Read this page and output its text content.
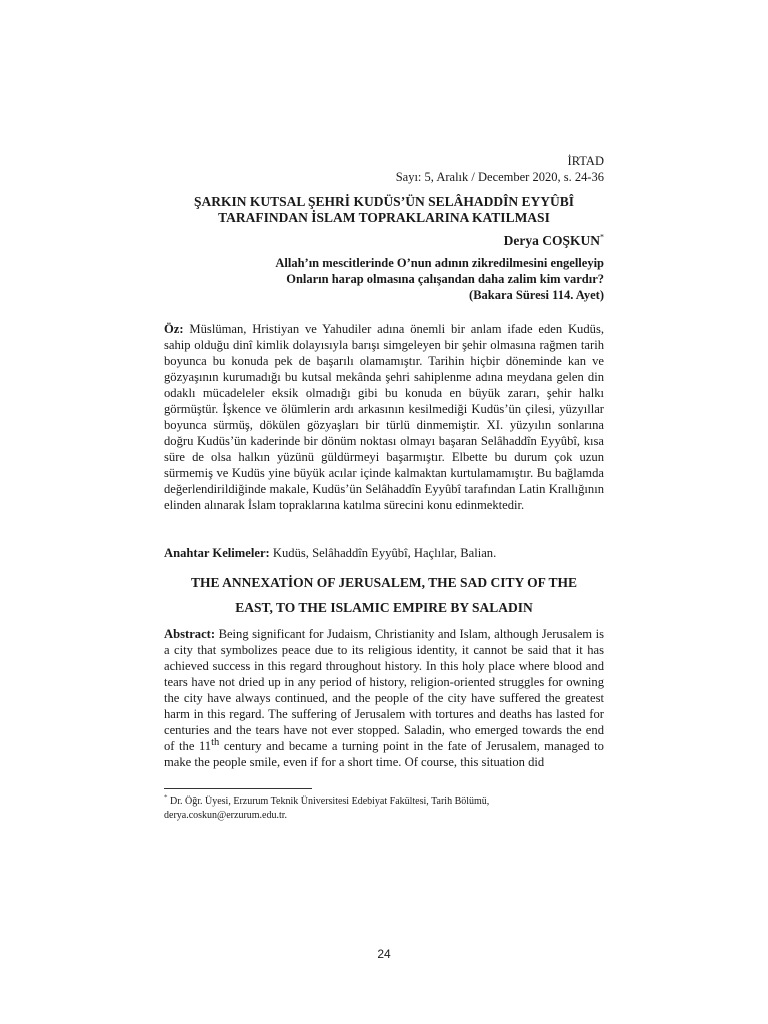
İRTAD
Sayı: 5, Aralık / December 2020, s. 24-36
ŞARKIN KUTSAL ŞEHRİ KUDÜS’ÜN SELÂHADDÎN EYYÛBÎ
TARAFINDAN İSLAM TOPRAKLARINA KATILMASI
Derya COŞKUN*
Allah’ın mescitlerinde O’nun adının zikredilmesini engelleyip
Onların harap olmasına çalışandan daha zalim kim vardır?
(Bakara Süresi 114. Ayet)
Öz: Müslüman, Hristiyan ve Yahudiler adına önemli bir anlam ifade eden Kudüs, sahip olduğu dinî kimlik dolayısıyla barışı simgeleyen bir şehir olmasına rağmen tarih boyunca bu konuda pek de başarılı olamamıştır. Tarihin hiçbir döneminde kan ve gözyaşının kurumadığı bu kutsal mekânda şehri sahiplenme adına meydana gelen din odaklı mücadeleler eksik olmadığı gibi bu konuda en büyük zararı, şehir halkı görmüştür. İşkence ve ölümlerin ardı arkasının kesilmediği Kudüs’ün çilesi, yüzyıllar boyunca sürmüş, dökülen gözyaşları bir türlü dinmemiştir. XI. yüzyılın sonlarına doğru Kudüs’ün kaderinde bir dönüm noktası olmayı başaran Selâhaddîn Eyyûbî, kısa süre de olsa halkın yüzünü güldürmeyi başarmıştır. Elbette bu durum çok uzun sürmemiş ve Kudüs yine büyük acılar içinde kalmaktan kurtulamamıştır. Bu bağlamda değerlendirildiğinde makale, Kudüs’ün Selâhaddîn Eyyûbî tarafından Latin Krallığının elinden alınarak İslam topraklarına katılma sürecini konu edinmektedir.
Anahtar Kelimeler: Kudüs, Selâhaddîn Eyyûbî, Haçlılar, Balian.
THE ANNEXATİON OF JERUSALEM, THE SAD CITY OF THE
EAST, TO THE ISLAMIC EMPIRE BY SALADIN
Abstract: Being significant for Judaism, Christianity and Islam, although Jerusalem is a city that symbolizes peace due to its religious identity, it cannot be said that it has achieved success in this regard throughout history. In this holy place where blood and tears have not dried up in any period of history, religion-oriented struggles for owning the city have always continued, and the people of the city have suffered the greatest harm in this regard. The suffering of Jerusalem with tortures and deaths has lasted for centuries and the tears have not ever stopped. Saladin, who emerged towards the end of the 11th century and became a turning point in the fate of Jerusalem, managed to make the people smile, even if for a short time. Of course, this situation did
* Dr. Öğr. Üyesi, Erzurum Teknik Üniversitesi Edebiyat Fakültesi, Tarih Bölümü,
derya.coskun@erzurum.edu.tr.
24
